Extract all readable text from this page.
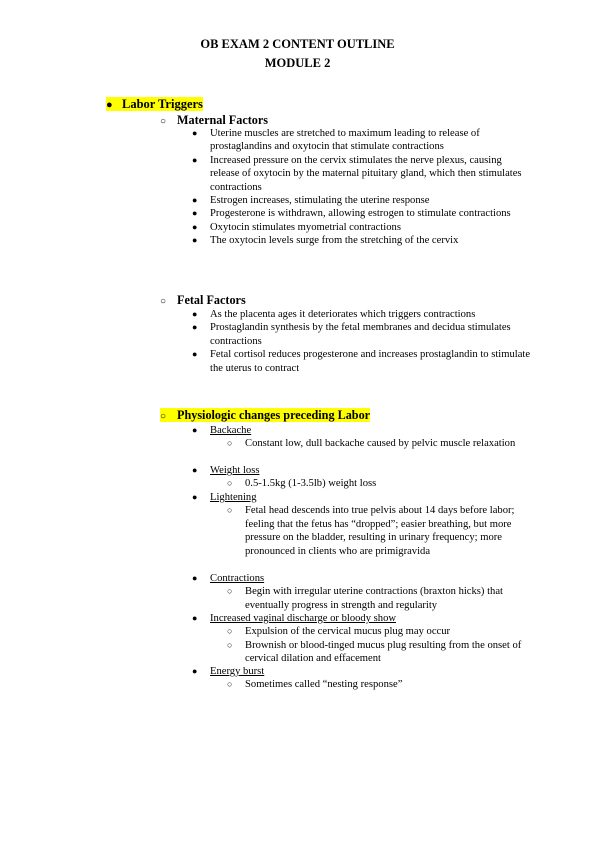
OB EXAM 2 CONTENT OUTLINE
MODULE 2
● Labor Triggers
○ Maternal Factors
● Uterine muscles are stretched to maximum leading to release of prostaglandins and oxytocin that stimulate contractions
● Increased pressure on the cervix stimulates the nerve plexus, causing release of oxytocin by the maternal pituitary gland, which then stimulates contractions
● Estrogen increases, stimulating the uterine response
● Progesterone is withdrawn, allowing estrogen to stimulate contractions
● Oxytocin stimulates myometrial contractions
● The oxytocin levels surge from the stretching of the cervix
○ Fetal Factors
● As the placenta ages it deteriorates which triggers contractions
● Prostaglandin synthesis by the fetal membranes and decidua stimulates contractions
● Fetal cortisol reduces progesterone and increases prostaglandin to stimulate the uterus to contract
○ Physiologic changes preceding Labor
● Backache
○ Constant low, dull backache caused by pelvic muscle relaxation
● Weight loss
○ 0.5-1.5kg (1-3.5lb) weight loss
● Lightening
○ Fetal head descends into true pelvis about 14 days before labor; feeling that the fetus has “dropped”; easier breathing, but more pressure on the bladder, resulting in urinary frequency; more pronounced in clients who are primigravida
● Contractions
○ Begin with irregular uterine contractions (braxton hicks) that eventually progress in strength and regularity
● Increased vaginal discharge or bloody show
○ Expulsion of the cervical mucus plug may occur
○ Brownish or blood-tinged mucus plug resulting from the onset of cervical dilation and effacement
● Energy burst
○ Sometimes called “nesting response”
